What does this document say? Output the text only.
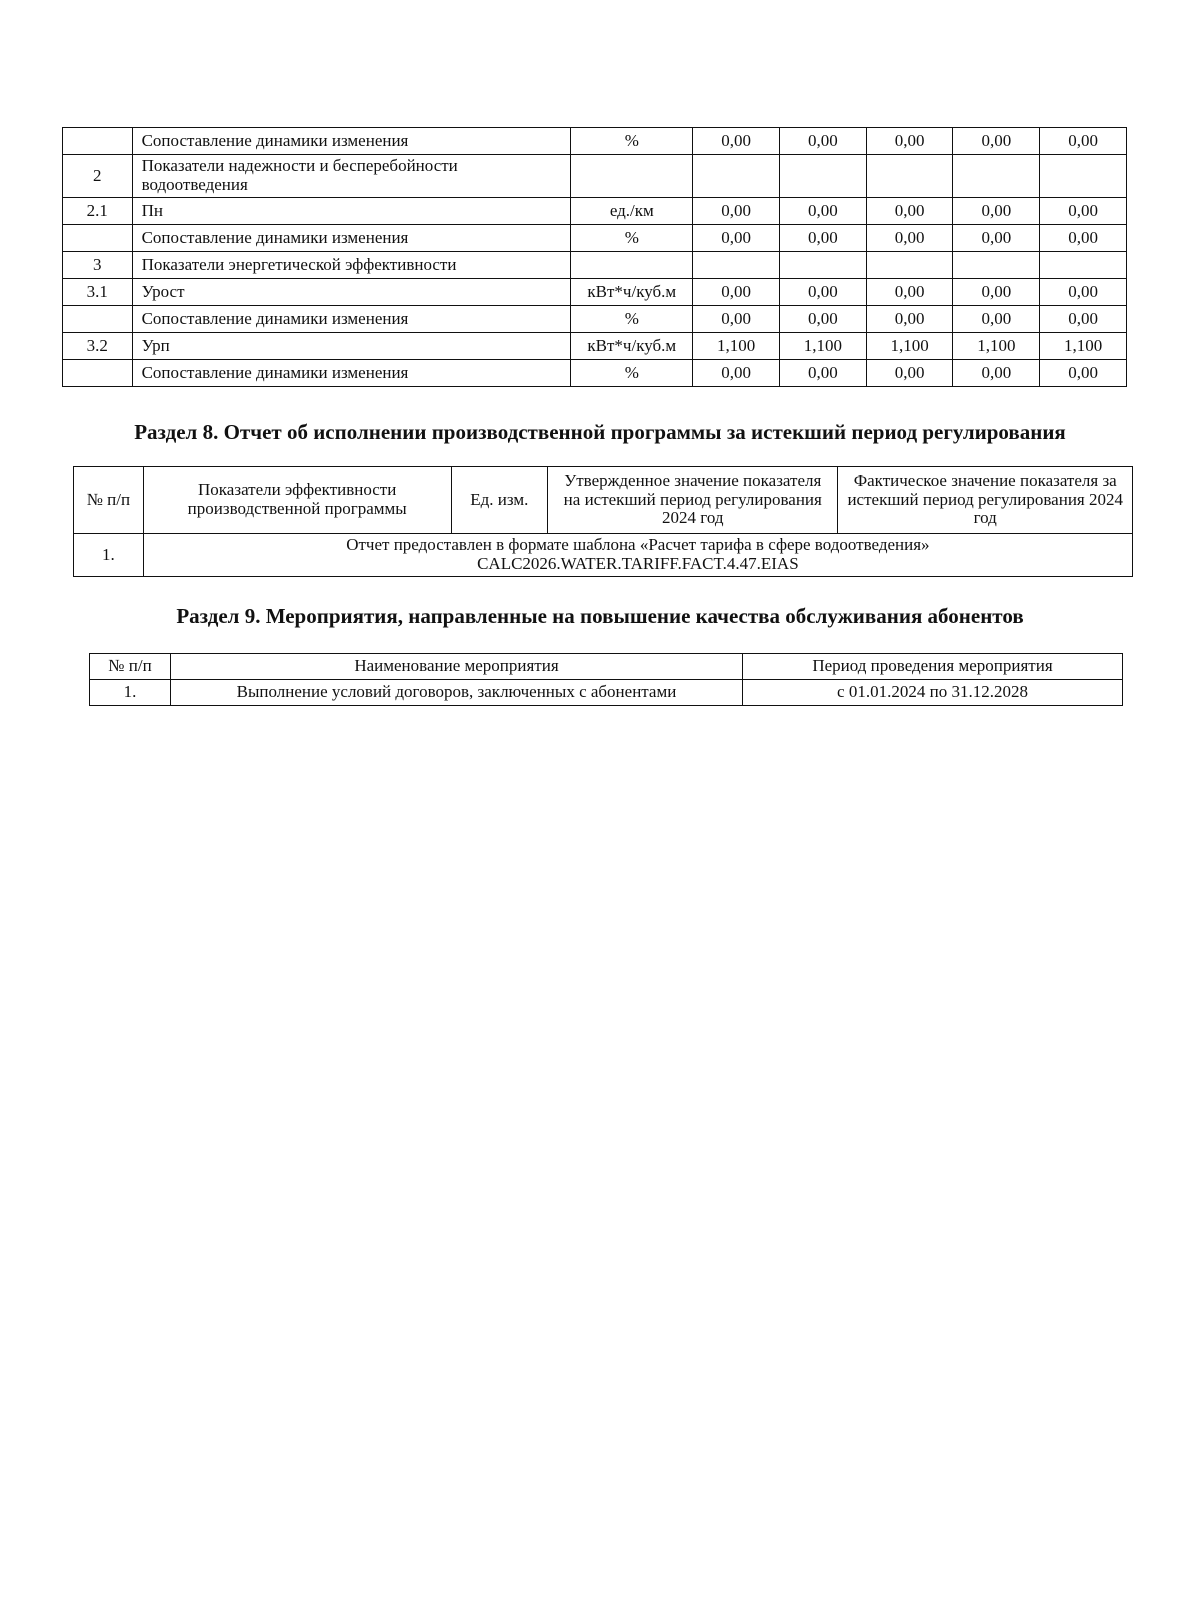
	Сопоставление динамики изменения	%	0,00	0,00	0,00	0,00	0,00
2	Показатели надежности и бесперебойности водоотведения						
2.1	Пн	ед./км	0,00	0,00	0,00	0,00	0,00
	Сопоставление динамики изменения	%	0,00	0,00	0,00	0,00	0,00
3	Показатели энергетической эффективности						
3.1	Урост	кВт*ч/куб.м	0,00	0,00	0,00	0,00	0,00
	Сопоставление динамики изменения	%	0,00	0,00	0,00	0,00	0,00
3.2	Урп	кВт*ч/куб.м	1,100	1,100	1,100	1,100	1,100
	Сопоставление динамики изменения	%	0,00	0,00	0,00	0,00	0,00
Раздел 8. Отчет об исполнении производственной программы за истекший период регулирования
№ п/п	Показатели эффективности производственной программы	Ед. изм.	Утвержденное значение показателя на истекший период регулирования 2024 год	Фактическое значение показателя за истекший период регулирования 2024 год
1.	Отчет предоставлен в формате шаблона «Расчет тарифа в сфере водоотведения»
CALC2026.WATER.TARIFF.FACT.4.47.EIAS			
Раздел 9. Мероприятия, направленные на повышение качества обслуживания абонентов
№ п/п	Наименование мероприятия	Период проведения мероприятия
1.	Выполнение условий договоров, заключенных с абонентами	с 01.01.2024 по 31.12.2028
